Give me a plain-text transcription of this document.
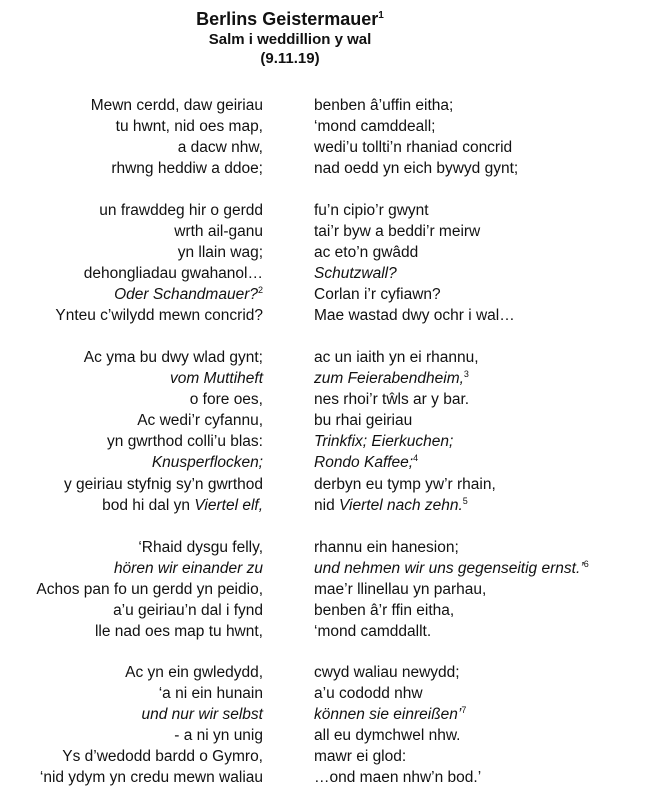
Berlins Geistermauer$^1$
Salm i weddillion y wal
(9.11.19)
Mewn cerdd, daw geiriau	benben â’uffin eitha;
tu hwnt, nid oes map,	‘mond camddeall;
a dacw nhw,	wedi’u tollti’n rhaniad concrid
rhwng heddiw a ddoe;	nad oedd yn eich bywyd gynt;
un frawddeg hir o gerdd	fu’n cipio’r gwynt
wrth ail-ganu	tai’r byw a beddi’r meirw
yn llain wag;	ac eto’n gwâdd
dehongliadau gwahanol…	Schutzwall?
Oder Schandmauer?$^2$	Corlan i’r cyfiawn?
Ynteu c’wilydd mewn concrid?	Mae wastad dwy ochr i wal…
Ac yma bu dwy wlad gynt;	ac un iaith yn ei rhannu,
vom Muttiheft	zum Feierabendheim,$^3$
o fore oes,	nes rhoi’r tŵls ar y bar.
Ac wedi’r cyfannu,	bu rhai geiriau
yn gwrthod colli’u blas:	Trinkfix; Eierkuchen;
Knusperflocken;	Rondo Kaffee;$^4$
y geiriau styfnig sy’n gwrthod	derbyn eu tymp yw’r rhain,
bod hi dal yn Viertel elf,	nid Viertel nach zehn.$^5$
‘Rhaid dysgu felly,	rhannu ein hanesion;
hören wir einander zu	und nehmen wir uns gegenseitig ernst.’$^6$
Achos pan fo un gerdd yn peidio,	mae’r llinellau yn parhau,
a’u geiriau’n dal i fynd	benben â’r ffin eitha,
lle nad oes map tu hwnt,	‘mond camddallt.
Ac yn ein gwledydd,	cwyd waliau newydd;
‘a ni ein hunain	a’u cododd nhw
und nur wir selbst	können sie einreißen’$^7$
- a ni yn unig	all eu dymchwel nhw.
Ys d’wedodd bardd o Gymro,	mawr ei glod:
‘nid ydym yn credu mewn waliau	…ond maen nhw’n bod.’
